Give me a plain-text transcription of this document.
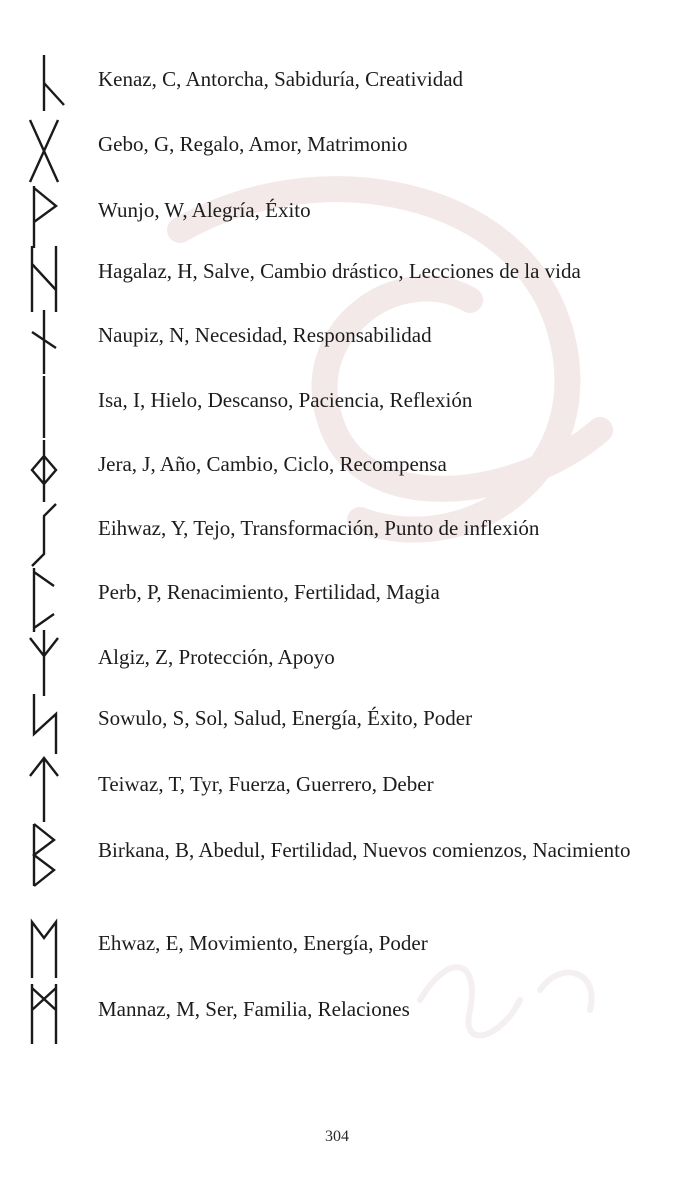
Kenaz, C, Antorcha, Sabiduría, Creatividad
Gebo, G, Regalo, Amor, Matrimonio
Wunjo, W, Alegría, Éxito
Hagalaz, H, Salve, Cambio drástico, Lecciones de la vida
Naupiz, N, Necesidad, Responsabilidad
Isa, I, Hielo, Descanso, Paciencia, Reflexión
Jera, J, Año, Cambio, Ciclo, Recompensa
Eihwaz, Y, Tejo, Transformación, Punto de inflexión
Perb, P, Renacimiento, Fertilidad, Magia
Algiz, Z, Protección, Apoyo
Sowulo, S, Sol, Salud, Energía, Éxito, Poder
Teiwaz, T, Tyr, Fuerza, Guerrero, Deber
Birkana, B, Abedul, Fertilidad, Nuevos comienzos, Nacimiento
Ehwaz, E, Movimiento, Energía, Poder
Mannaz, M, Ser, Familia, Relaciones
304
